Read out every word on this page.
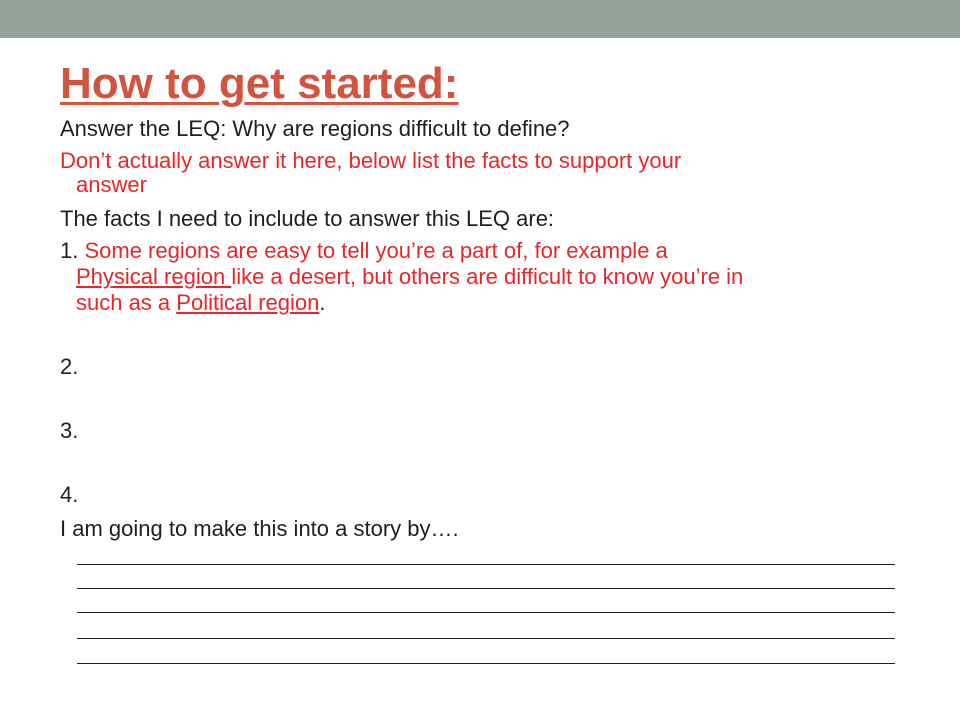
How to get started:
Answer the LEQ: Why are regions difficult to define?
Don’t actually answer it here, below list the facts to support your
answer
The facts I need to include to answer this LEQ are:
1. Some regions are easy to tell you’re a part of, for example a
Physical region like a desert, but others are difficult to know you’re in
such as a Political region.
2.
3.
4.
I am going to make this into a story by….
